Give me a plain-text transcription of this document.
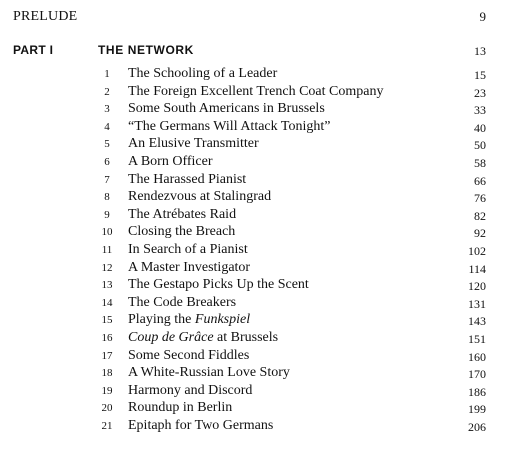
PRELUDE	9
PART I	THE NETWORK	13
1	The Schooling of a Leader	15
2	The Foreign Excellent Trench Coat Company	23
3	Some South Americans in Brussels	33
4	“The Germans Will Attack Tonight”	40
5	An Elusive Transmitter	50
6	A Born Officer	58
7	The Harassed Pianist	66
8	Rendezvous at Stalingrad	76
9	The Atrébates Raid	82
10	Closing the Breach	92
11	In Search of a Pianist	102
12	A Master Investigator	114
13	The Gestapo Picks Up the Scent	120
14	The Code Breakers	131
15	Playing the Funkspiel	143
16	Coup de Grâce at Brussels	151
17	Some Second Fiddles	160
18	A White-Russian Love Story	170
19	Harmony and Discord	186
20	Roundup in Berlin	199
21	Epitaph for Two Germans	206
